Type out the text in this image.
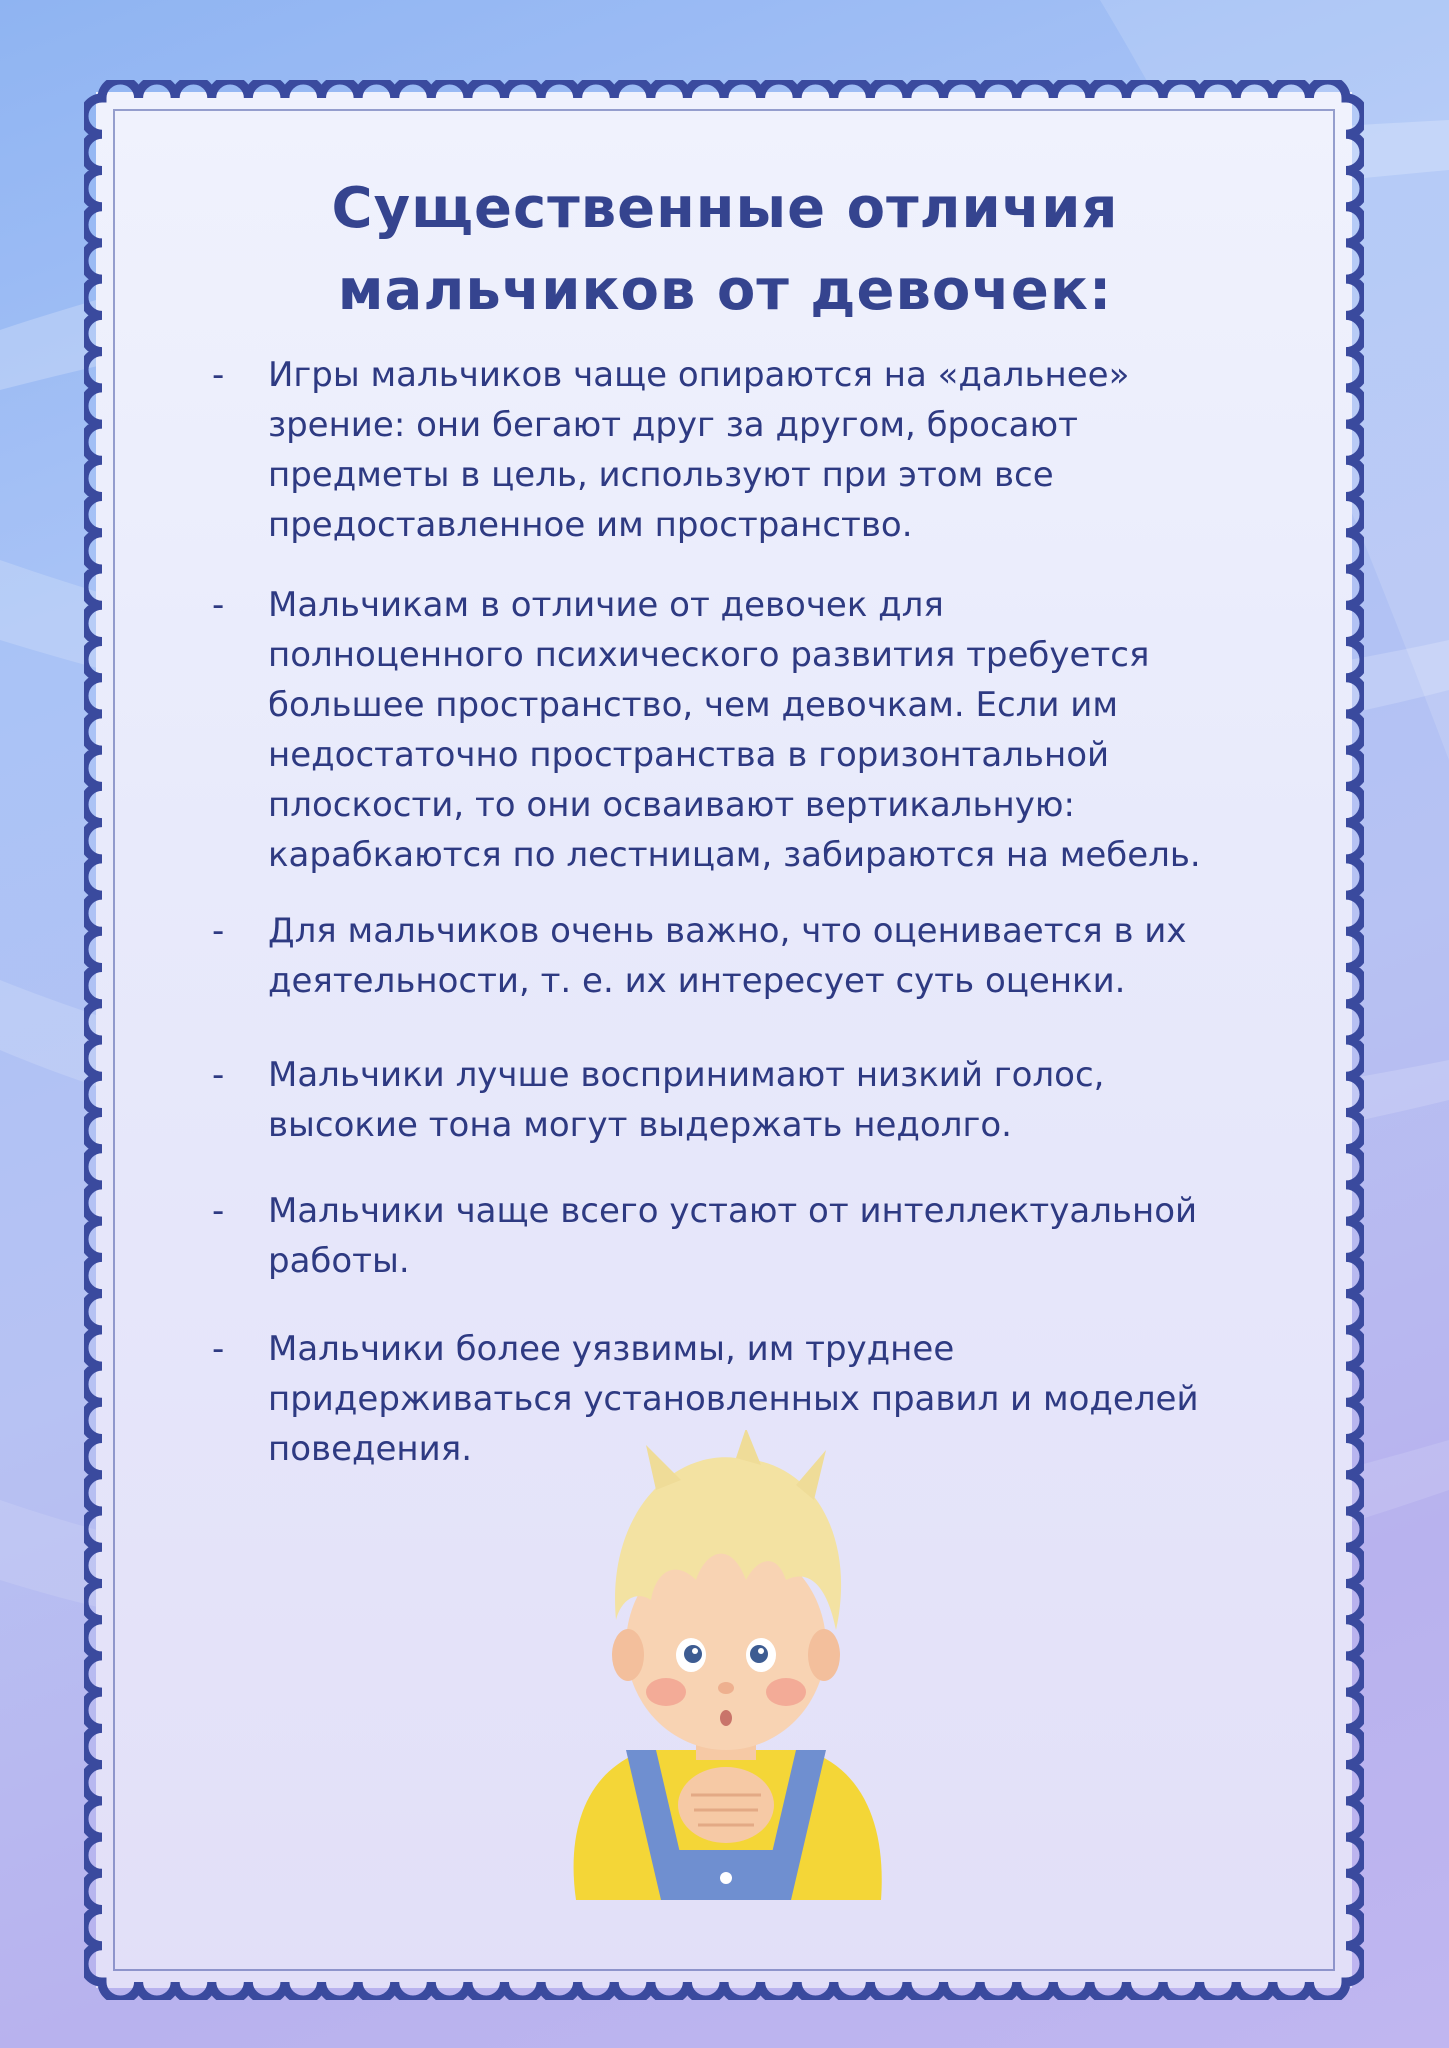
Существенные отличия
мальчиков от девочек:
-	Игры мальчиков чаще опираются на «дальнее»
зрение: они бегают друг за другом, бросают
предметы в цель, используют при этом все
предоставленное им пространство.
-	Мальчикам в отличие от девочек для
полноценного психического развития требуется
большее пространство, чем девочкам. Если им
недостаточно пространства в горизонтальной
плоскости, то они осваивают вертикальную:
карабкаются по лестницам, забираются на мебель.
-	Для мальчиков очень важно, что оценивается в их
деятельности, т. е. их интересует суть оценки.
-	Мальчики лучше воспринимают низкий голос,
высокие тона могут выдержать недолго.
-	Мальчики чаще всего устают от интеллектуальной
работы.
-	Мальчики более уязвимы, им труднее
придерживаться установленных правил и моделей
поведения.
